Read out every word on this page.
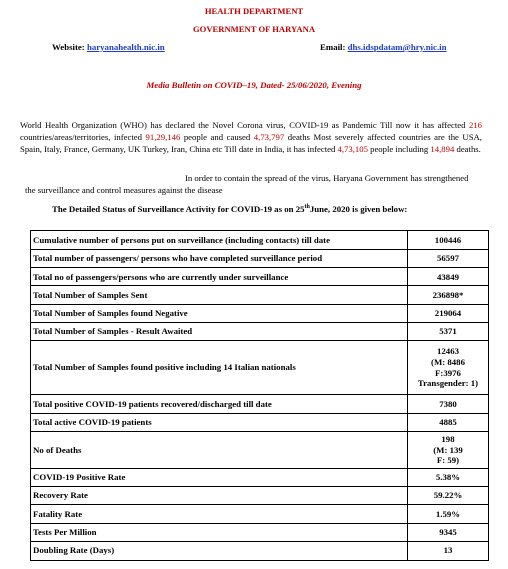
HEALTH DEPARTMENT
GOVERNMENT OF HARYANA
Website: haryanahealth.nic.in	Email: dhs.idspdatam@hry.nic.in
Media Bulletin on COVID–19, Dated- 25/06/2020, Evening
World Health Organization (WHO) has declared the Novel Corona virus, COVID-19 as Pandemic Till now it has affected 216 countries/areas/territories, infected 91,29,146 people and caused 4,73,797 deaths Most severely affected countries are the USA, Spain, Italy, France, Germany, UK Turkey, Iran, China etc Till date in India, it has infected 4,73,105 people including 14,894 deaths.
In order to contain the spread of the virus, Haryana Government has strengthened
the surveillance and control measures against the disease
The Detailed Status of Surveillance Activity for COVID-19 as on 25thJune, 2020 is given below:
Cumulative number of persons put on surveillance (including contacts) till date	100446
Total number of passengers/ persons who have completed surveillance period	56597
Total no of passengers/persons who are currently under surveillance	43849
Total Number of Samples Sent	236898*
Total Number of Samples found Negative	219064
Total Number of Samples - Result Awaited	5371
Total Number of Samples found positive including 14 Italian nationals	12463
(M: 8486
F:3976
Transgender: 1)

Total positive COVID-19 patients recovered/discharged till date	7380
Total active COVID-19 patients	4885
No of Deaths	198
(M: 139
F: 59)

COVID-19 Positive Rate	5.38%
Recovery Rate	59.22%
Fatality Rate	1.59%
Tests Per Million	9345
Doubling Rate (Days)	13
